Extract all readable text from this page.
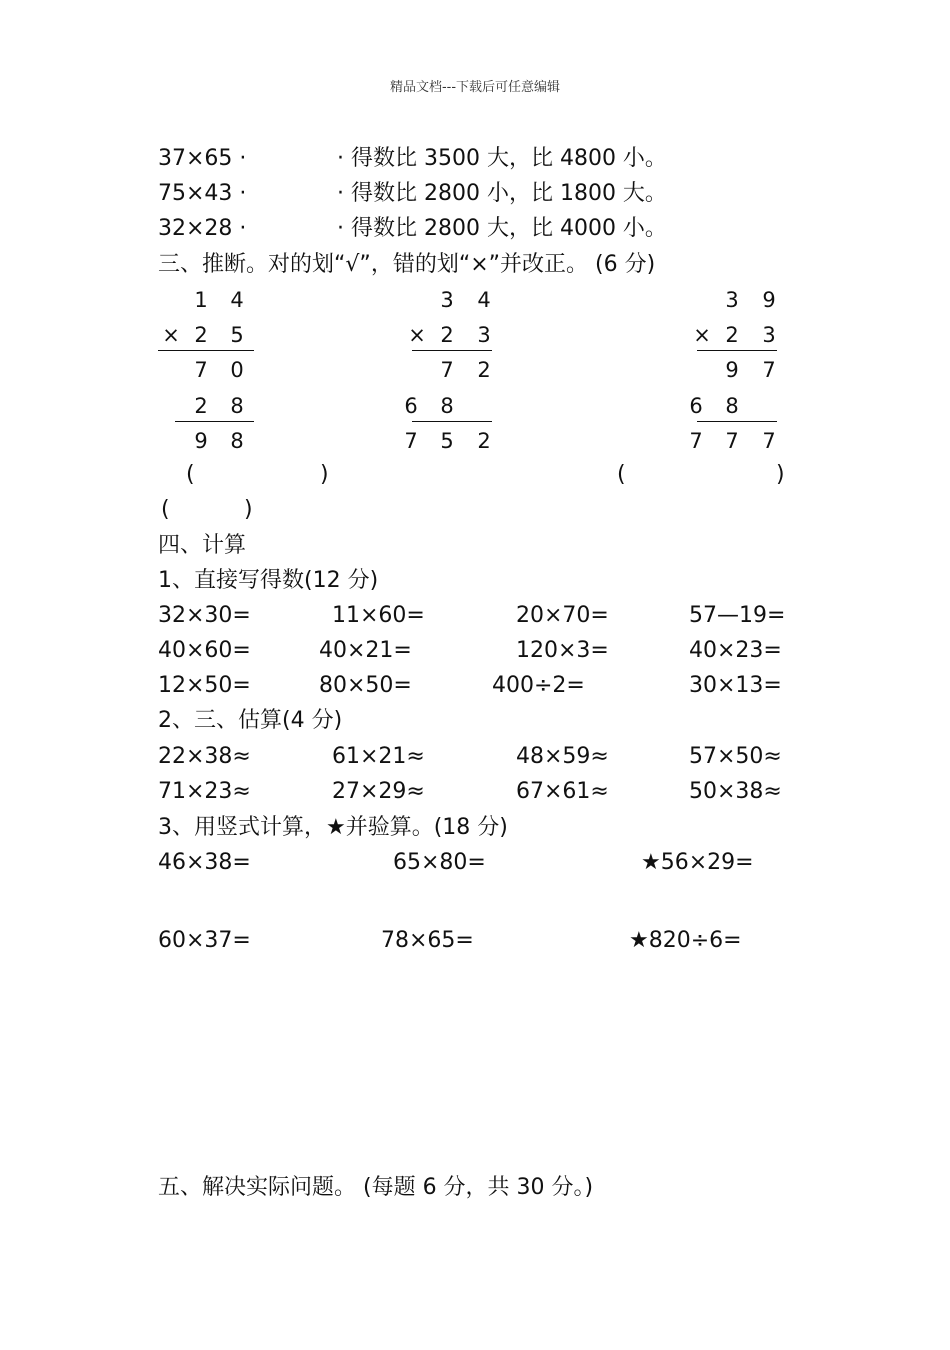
精品文档---下载后可任意编辑
37×65 ·	· 得数比 3500 大，比 4800 小。
75×43 ·	· 得数比 2800 小，比 1800 大。
32×28 ·	· 得数比 2800 大，比 4000 小。
三、推断。对的划“√”，错的划“×”并改正。 (6 分)
1	4
× 2	5
7	0
2	8
9	8
3	4
× 2	3
7	2
6	8
7	5	2
3	9
× 2	3
9	7
6	8
7	7	7
(	)	(	)
(	)
四、计算
1、直接写得数(12 分)
32×30=	11×60=	20×70=	57—19=
40×60=	40×21=	120×3=	40×23=
12×50=	80×50=	400÷2=	30×13=
2、三、估算(4 分)
22×38≈	61×21≈	48×59≈	57×50≈
71×23≈	27×29≈	67×61≈	50×38≈
3、用竖式计算，★并验算。(18 分)
46×38=	65×80=	★56×29=
60×37=	78×65=	★820÷6=
五、解决实际问题。 (每题 6 分，共 30 分。)
